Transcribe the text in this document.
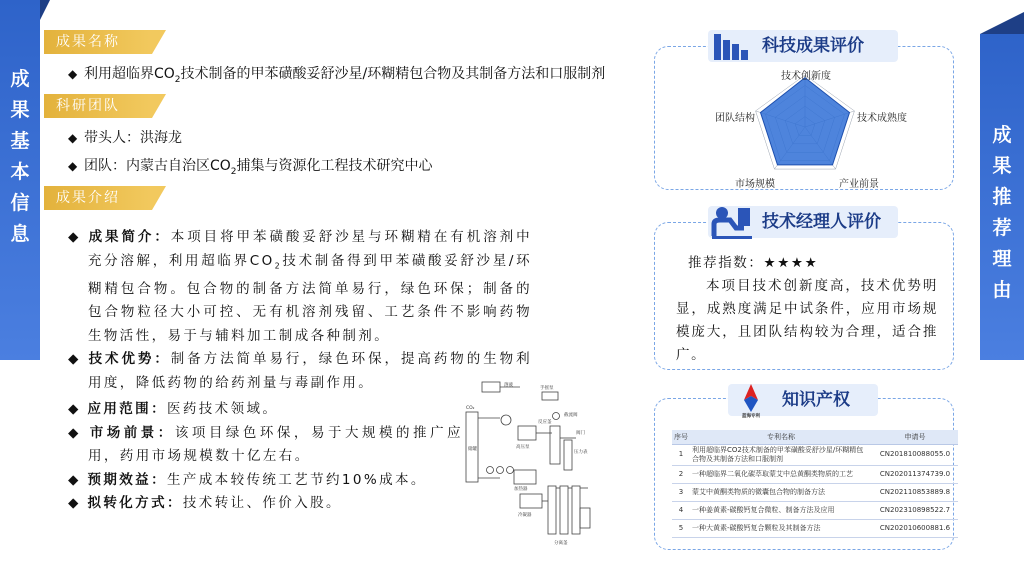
成
果
基
本
信
息
成
果
推
荐
理
由
成果名称
科研团队
成果介绍
◆ 利用超临界$CO_2$技术制备的甲苯磺酸妥舒沙星/环糊精包合物及其制备方法和口服制剂
◆ 带头人：洪海龙
◆ 团队：内蒙古自治区$CO_2$捕集与资源化工程技术研究中心

◆ 成果简介：本项目将甲苯磺酸妥舒沙星与环糊精在有机溶剂中充分溶解，利用超临界$CO_2$技术制备得到甲苯磺酸妥舒沙星/环糊精包合物。包合物的制备方法简单易行，绿色环保；制备的包合物粒径大小可控、无有机溶剂残留、工艺条件不影响药物生物活性，易于与辅料加工制成各种制剂。

◆ 技术优势：制备方法简单易行，绿色环保，提高药物的生物利用度，降低药物的给药剂量与毒副作用。

◆ 应用范围：医药技术领域。

◆ 市场前景：该项目绿色环保，易于大规模的推广应用，药用市场规模数十亿左右。

◆ 预期效益：生产成本较传统工艺节约10%成本。

◆ 拟转化方式：技术转让、作价入股。

溶液
手摇泵
CO₂
高压泵
加热器
反应釜
截流阀
压力表
阀门
分离釜
储罐
冷凝器
技术创新度
技术成熟度
产业前景
市场规模
团队结构
科技成果评价
技术经理人评价

推荐指数：★★★★

本项目技术创新度高，技术优势明显，成熟度满足中试条件，应用市场规模庞大，且团队结构较为合理，适合推广。

蓝海专利
知识产权
序号	专利名称	申请号
1	利用超临界CO2技术制备的甲苯磺酸妥舒沙星/环糊精包合物及其制备方法和口服制剂	CN201810088055.0
2	一种超临界二氧化碳萃取蒙艾中总黄酮类物质的工艺	CN202011374739.0
3	蒙艾中黄酮类物质的微囊包合物的制备方法	CN202110853889.8
4	一种姜黄素-碳酸钙复合微粒、制备方法及应用	CN202310898522.7
5	一种大黄素-碳酸钙复合颗粒及其制备方法	CN202010600881.6
